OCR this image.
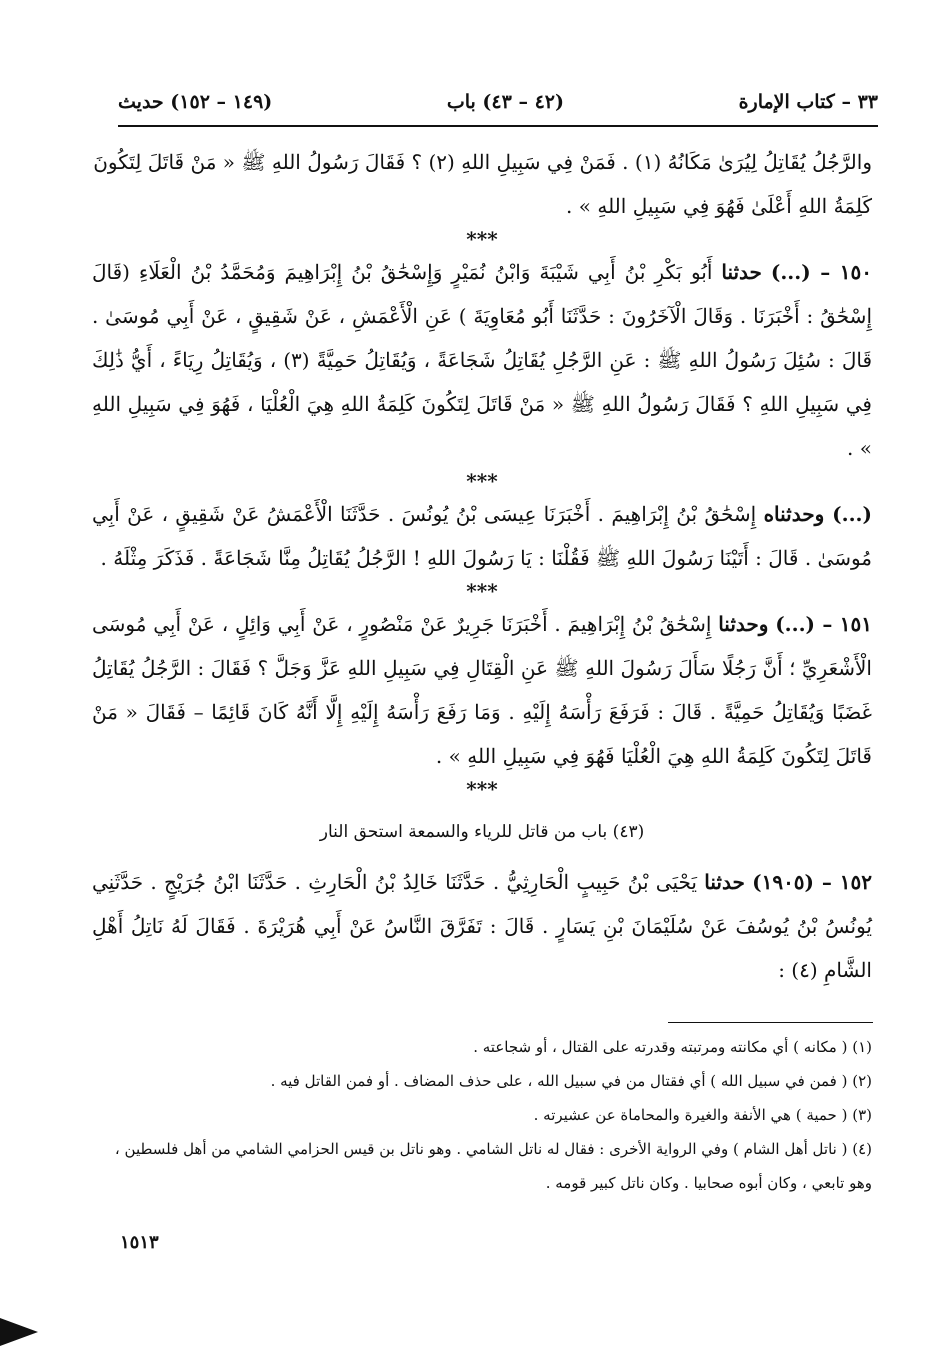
٣٣ – كتاب الإمارة
(٤٢ – ٤٣) باب
(١٤٩ – ١٥٢) حديث

والرَّجُلُ يُقَاتِلُ لِيُرَىٰ مَكَانُهُ (١) . فَمَنْ فِي سَبِيلِ اللهِ (٢) ؟ فَقَالَ رَسُولُ اللهِ ﷺ « مَنْ قَاتَلَ لِتَكُونَ

كَلِمَةُ اللهِ أَعْلَىٰ فَهُوَ فِي سَبِيلِ اللهِ » .

***

١٥٠ – (...) حدثنا أَبُو بَكْرِ بْنُ أَبِي شَيْبَةَ وَابْنُ نُمَيْرٍ وَإِسْحَٰقُ بْنُ إِبْرَاهِيمَ وَمُحَمَّدُ بْنُ الْعَلَاءِ (قَالَ إِسْحَٰقُ : أَخْبَرَنَا . وَقَالَ الْآخَرُونَ : حَدَّثَنَا أَبُو مُعَاوِيَةَ ) عَنِ الْأَعْمَشِ ، عَنْ شَقِيقٍ ، عَنْ أَبِي مُوسَىٰ . قَالَ : سُئِلَ رَسُولُ اللهِ ﷺ : عَنِ الرَّجُلِ يُقَاتِلُ شَجَاعَةً ، وَيُقَاتِلُ حَمِيَّةً (٣) ، وَيُقَاتِلُ رِيَاءً ، أَيُّ ذَٰلِكَ فِي سَبِيلِ اللهِ ؟ فَقَالَ رَسُولُ اللهِ ﷺ « مَنْ قَاتَلَ لِتَكُونَ كَلِمَةُ اللهِ هِيَ الْعُلْيَا ، فَهُوَ فِي سَبِيلِ اللهِ » .

***

(...) وحدثناه إِسْحَٰقُ بْنُ إِبْرَاهِيمَ . أَخْبَرَنَا عِيسَى بْنُ يُونُسَ . حَدَّثَنَا الْأَعْمَشُ عَنْ شَقِيقٍ ، عَنْ أَبِي مُوسَىٰ . قَالَ : أَتَيْنَا رَسُولَ اللهِ ﷺ فَقُلْنَا : يَا رَسُولَ اللهِ ! الرَّجُلُ يُقَاتِلُ مِنَّا شَجَاعَةً . فَذَكَرَ مِثْلَهُ .

***

١٥١ – (...) وحدثنا إِسْحَٰقُ بْنُ إِبْرَاهِيمَ . أَخْبَرَنَا جَرِيرٌ عَنْ مَنْصُورٍ ، عَنْ أَبِي وَائِلٍ ، عَنْ أَبِي مُوسَى الْأَشْعَرِيِّ ؛ أَنَّ رَجُلًا سَأَلَ رَسُولَ اللهِ ﷺ عَنِ الْقِتَالِ فِي سَبِيلِ اللهِ عَزَّ وَجَلَّ ؟ فَقَالَ : الرَّجُلُ يُقَاتِلُ غَضَبًا وَيُقَاتِلُ حَمِيَّةً . قَالَ : فَرَفَعَ رَأْسَهُ إِلَيْهِ . وَمَا رَفَعَ رَأْسَهُ إِلَيْهِ إِلَّا أَنَّهُ كَانَ قَائِمًا – فَقَالَ « مَنْ قَاتَلَ لِتَكُونَ كَلِمَةُ اللهِ هِيَ الْعُلْيَا فَهُوَ فِي سَبِيلِ اللهِ » .

***
(٤٣) باب من قاتل للرياء والسمعة استحق النار

١٥٢ – (١٩٠٥) حدثنا يَحْيَى بْنُ حَبِيبٍ الْحَارِثِيُّ . حَدَّثَنَا خَالِدُ بْنُ الْحَارِثِ . حَدَّثَنَا ابْنُ جُرَيْجٍ . حَدَّثَنِي يُونُسُ بْنُ يُوسُفَ عَنْ سُلَيْمَانَ بْنِ يَسَارٍ . قَالَ : تَفَرَّقَ النَّاسُ عَنْ أَبِي هُرَيْرَةَ . فَقَالَ لَهُ نَاتِلُ أَهْلِ الشَّامِ (٤) :

(١) ( مكانه ) أي مكانته ومرتبته وقدرته على القتال ، أو شجاعته .

(٢) ( فمن في سبيل الله ) أي فقتال من في سبيل الله ، على حذف المضاف . أو فمن القاتل فيه .

(٣) ( حمية ) هي الأنفة والغيرة والمحاماة عن عشيرته .

(٤) ( ناتل أهل الشام ) وفي الرواية الأخرى : فقال له ناتل الشامي . وهو ناتل بن قيس الحزامي الشامي من أهل فلسطين ، وهو تابعي ، وكان أبوه صحابيا . وكان ناتل كبير قومه .

١٥١٣
